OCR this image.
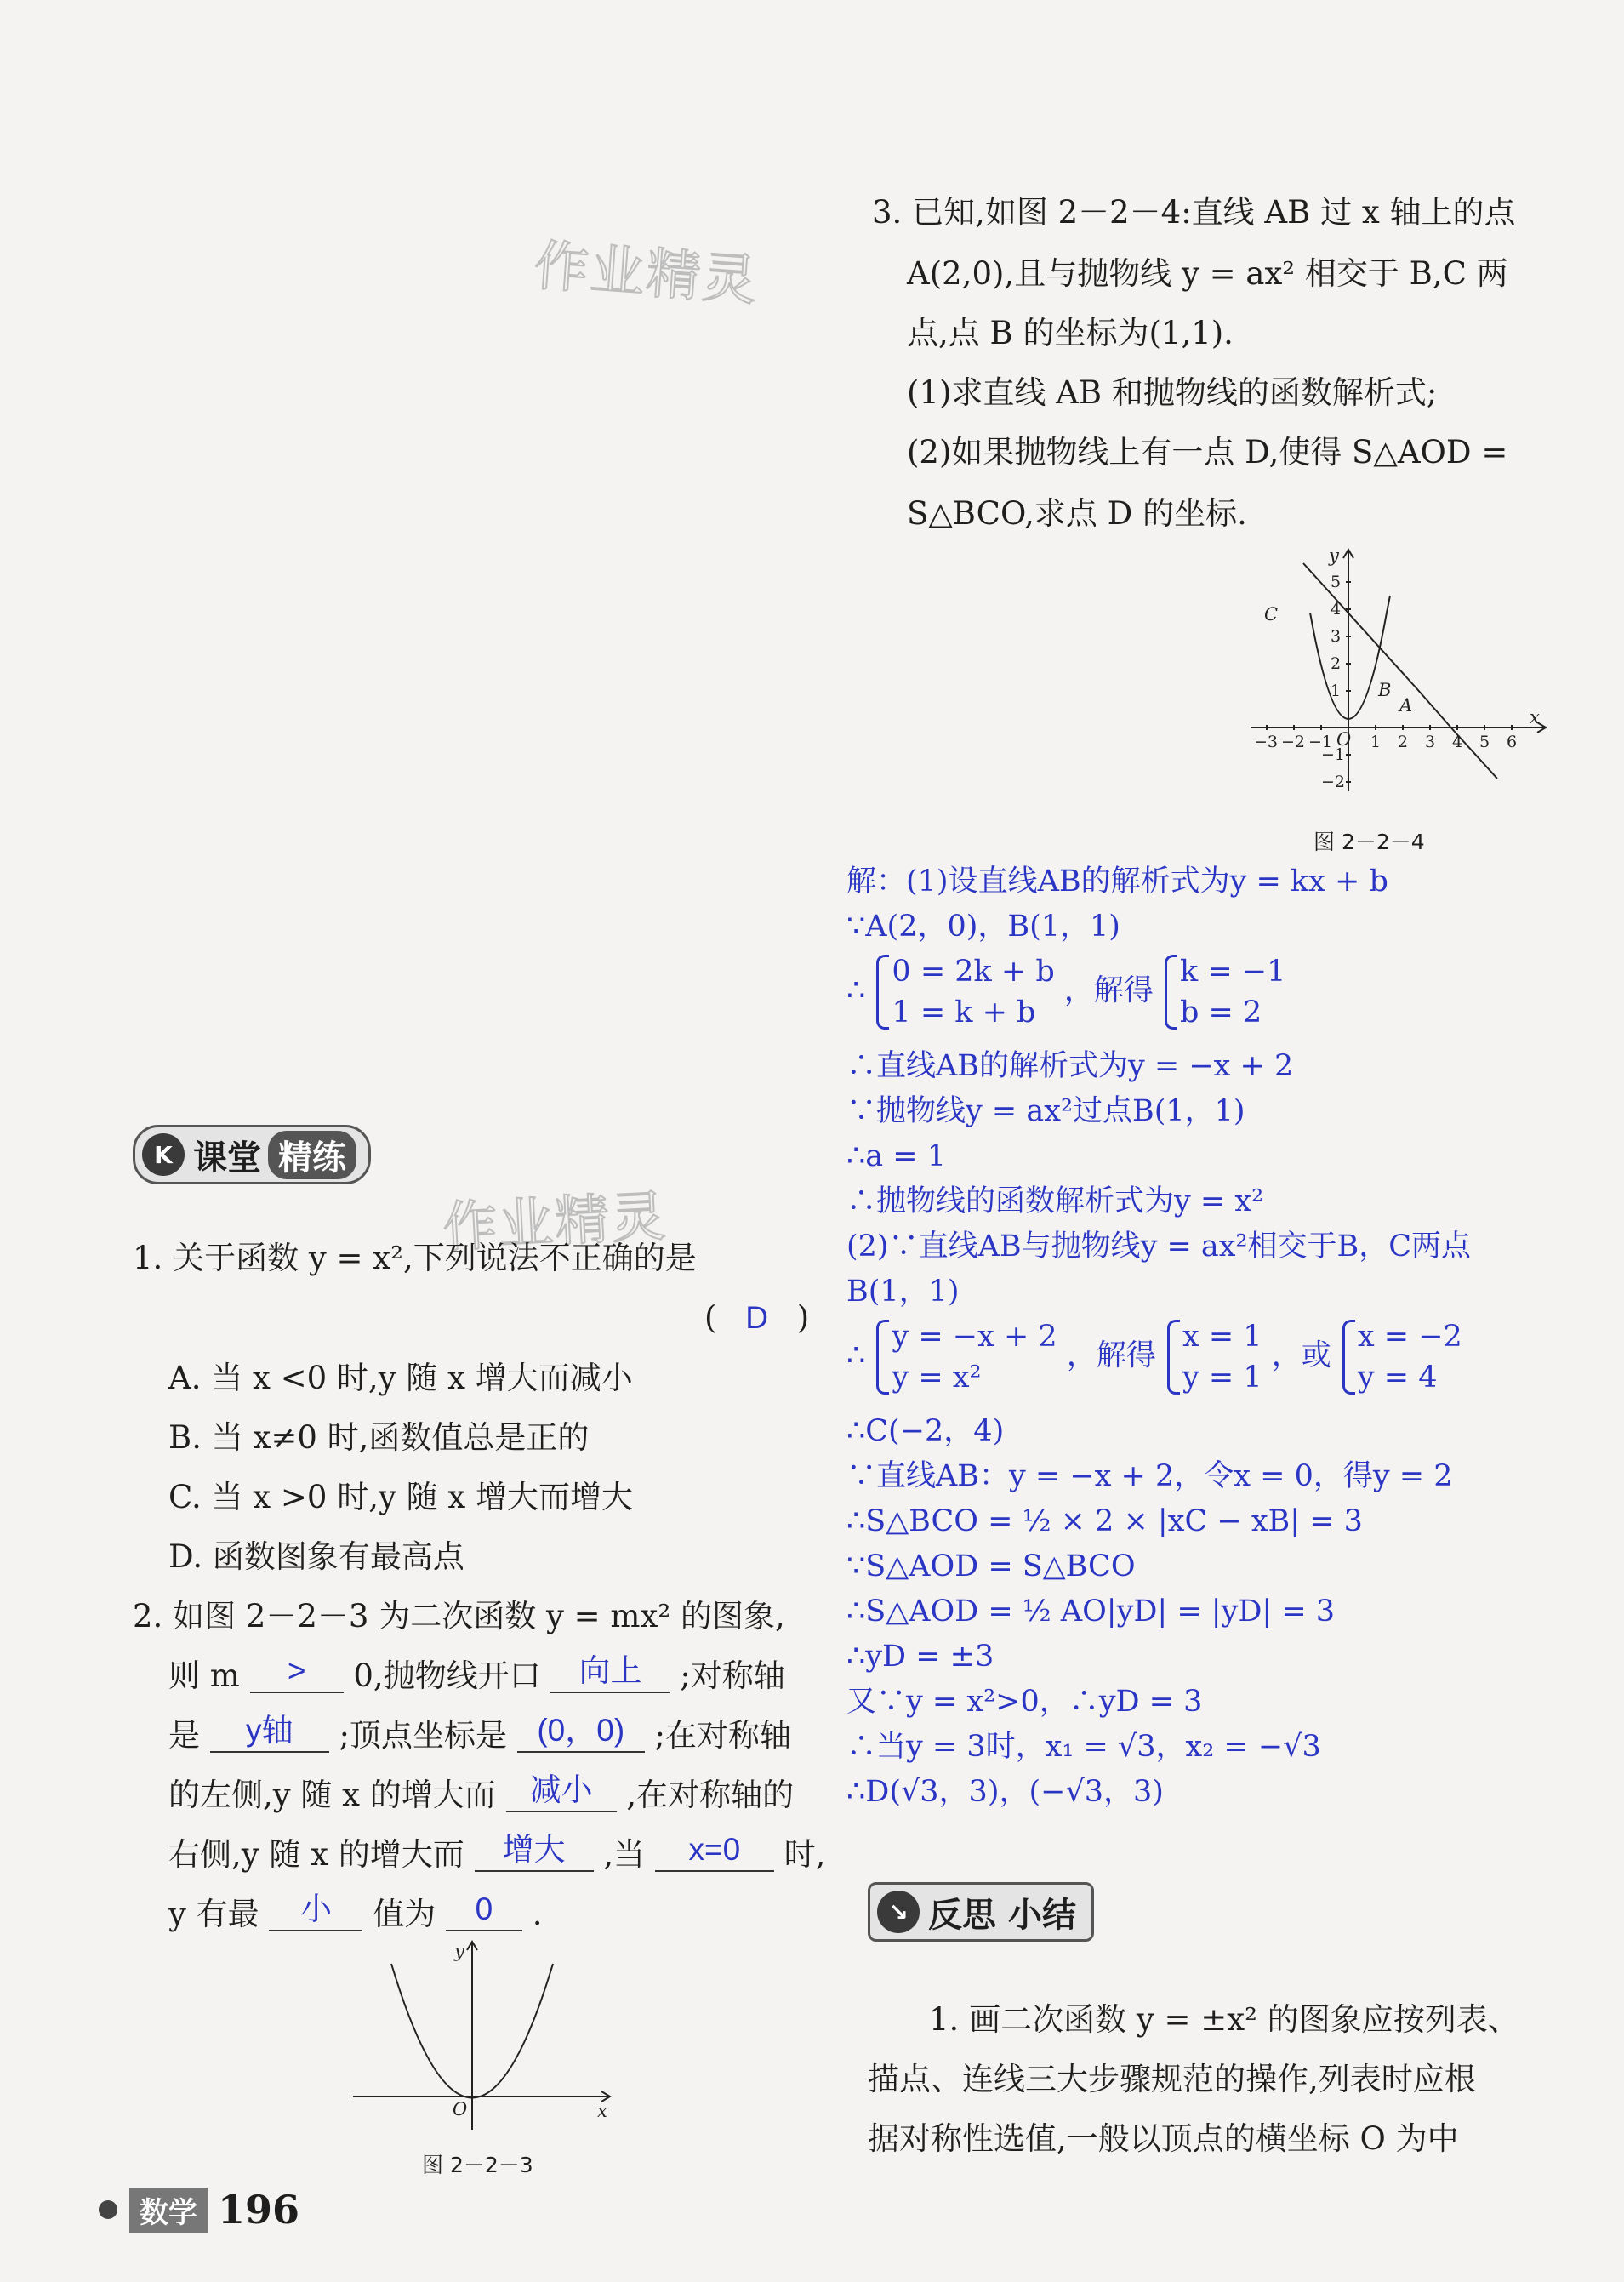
作业精灵
作业精灵
3. 已知,如图 2－2－4:直线 AB 过 x 轴上的点
A(2,0),且与抛物线 y = ax² 相交于 B,C 两
点,点 B 的坐标为(1,1).
(1)求直线 AB 和抛物线的函数解析式;
(2)如果抛物线上有一点 D,使得 S△AOD =
S△BCO,求点 D 的坐标.
y
x
O
C
B
A
−3 −2 −1 1 2 3 4 5 6
5
4
3
2
1
−1
−2
图 2－2－4
解：(1)设直线AB的解析式为y = kx + b
∵A(2，0)，B(1，1)
∴
0 = 2k + b
1 = k + b
，解得
k = −1
b = 2
∴直线AB的解析式为y = −x + 2
∵抛物线y = ax²过点B(1，1)
∴a = 1
∴抛物线的函数解析式为y = x²
(2)∵直线AB与抛物线y = ax²相交于B，C两点
B(1，1)
∴
y = −x + 2
y = x²
，解得
x = 1
y = 1
，或
x = −2
y = 4
∴C(−2，4)
∵直线AB：y = −x + 2，令x = 0，得y = 2
∴S△BCO = ½ × 2 × |xC − xB| = 3
∵S△AOD = S△BCO
∴S△AOD = ½ AO|yD| = |yD| = 3
∴yD = ±3
又∵y = x²>0，∴yD = 3
∴当y = 3时，x₁ = √3，x₂ = −√3
∴D(√3，3)，(−√3，3)
K 课堂 精练
1. 关于函数 y = x²,下列说法不正确的是
( D )
A. 当 x <0 时,y 随 x 增大而减小
B. 当 x≠0 时,函数值总是正的
C. 当 x >0 时,y 随 x 增大而增大
D. 函数图象有最高点
2. 如图 2－2－3 为二次函数 y = mx² 的图象,
则 m > 0,抛物线开口 向上 ;对称轴
是 y轴 ;顶点坐标是 (0，0) ;在对称轴
的左侧,y 随 x 的增大而 减小 ,在对称轴的
右侧,y 随 x 的增大而 增大 ,当 x=0 时,
y 有最 小 值为 0 .
y
x
O
图 2－2－3
↘ 反思 小结
1. 画二次函数 y = ±x² 的图象应按列表、
描点、连线三大步骤规范的操作,列表时应根
据对称性选值,一般以顶点的横坐标 O 为中
数学 196
